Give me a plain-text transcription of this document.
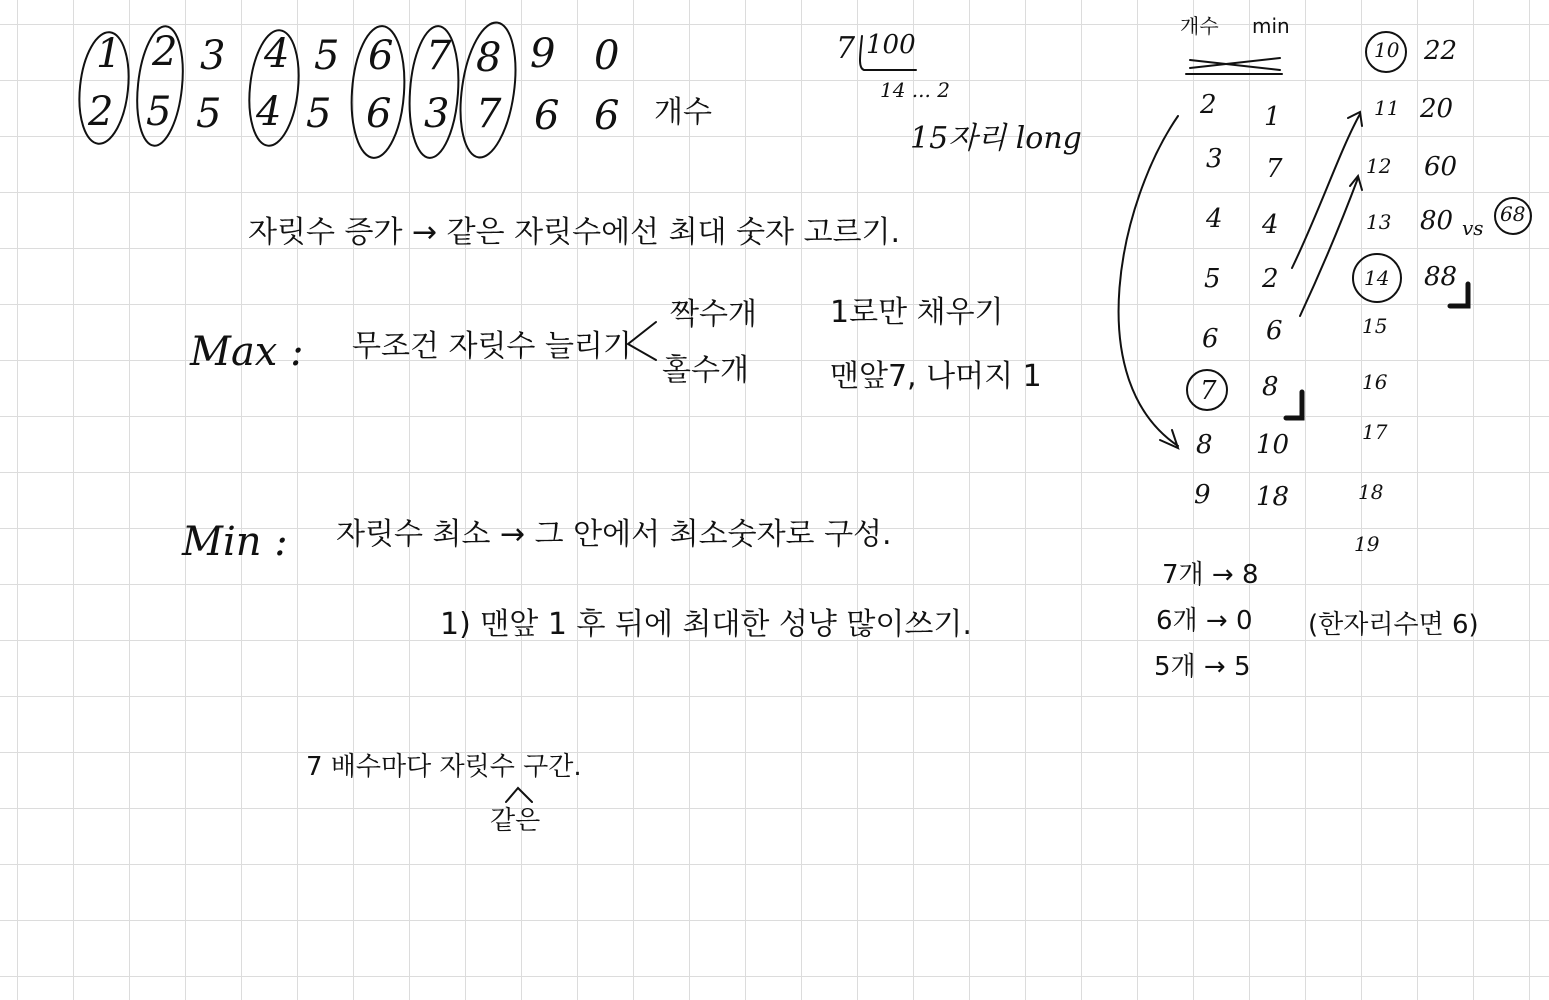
1 2 3 4 5 6 7 8 9 0
2 5 5 4 5 6 3 7 6 6 개수
7 100
14 ... 2
15자리 long
자릿수 증가 → 같은 자릿수에선 최대 숫자 고르기.
Max : 무조건 자릿수 늘리기
짝수개 1로만 채우기
홀수개	맨앞7, 나머지 1
Min : 자릿수 최소 → 그 안에서 최소숫자로 구성.
1) 맨앞 1 후 뒤에 최대한 성냥 많이쓰기.
7 배수마다 자릿수 구간.
같은
개수 min
2 1
3 7
4 4
5 2
6 6
7 8
8 10
9 18
10 22
11 20
12 60
13 80 vs
68
14 88
15
16
17
18
19
7개 → 8
6개 → 0
5개 → 5
(한자리수면 6)
